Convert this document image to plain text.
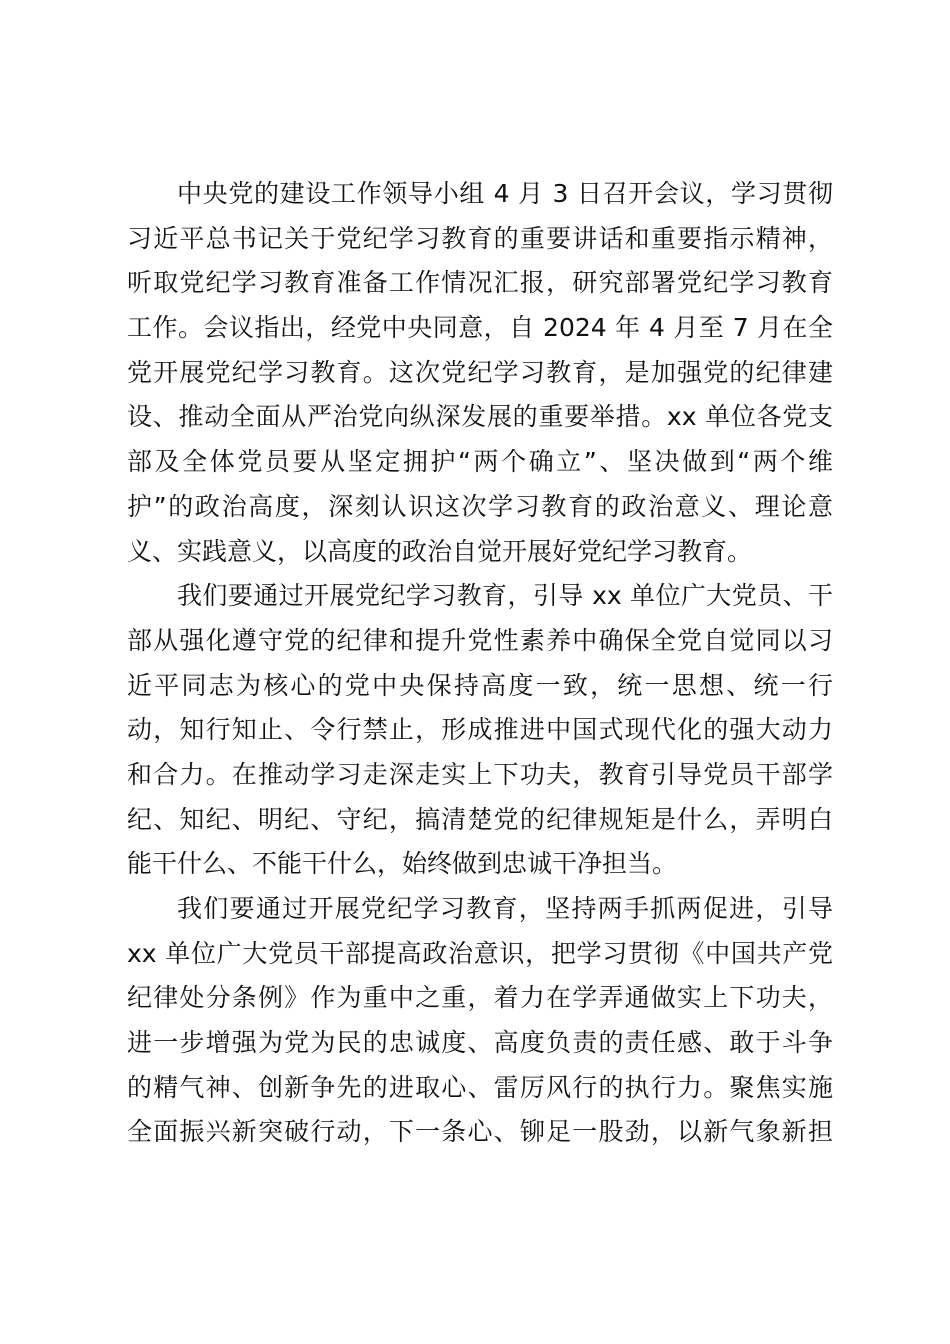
中央党的建设工作领导小组 4 月 3 日召开会议，学习贯彻
习近平总书记关于党纪学习教育的重要讲话和重要指示精神，
听取党纪学习教育准备工作情况汇报，研究部署党纪学习教育
工作。会议指出，经党中央同意，自 2024 年 4 月至 7 月在全
党开展党纪学习教育。这次党纪学习教育，是加强党的纪律建
设、推动全面从严治党向纵深发展的重要举措。xx 单位各党支
部及全体党员要从坚定拥护“两个确立”、坚决做到“两个维
护”的政治高度，深刻认识这次学习教育的政治意义、理论意
义、实践意义，以高度的政治自觉开展好党纪学习教育。
我们要通过开展党纪学习教育，引导 xx 单位广大党员、干
部从强化遵守党的纪律和提升党性素养中确保全党自觉同以习
近平同志为核心的党中央保持高度一致，统一思想、统一行
动，知行知止、令行禁止，形成推进中国式现代化的强大动力
和合力。在推动学习走深走实上下功夫，教育引导党员干部学
纪、知纪、明纪、守纪，搞清楚党的纪律规矩是什么，弄明白
能干什么、不能干什么，始终做到忠诚干净担当。
我们要通过开展党纪学习教育，坚持两手抓两促进，引导
xx 单位广大党员干部提高政治意识，把学习贯彻《中国共产党
纪律处分条例》作为重中之重，着力在学弄通做实上下功夫，
进一步增强为党为民的忠诚度、高度负责的责任感、敢于斗争
的精气神、创新争先的进取心、雷厉风行的执行力。聚焦实施
全面振兴新突破行动，下一条心、铆足一股劲，以新气象新担
